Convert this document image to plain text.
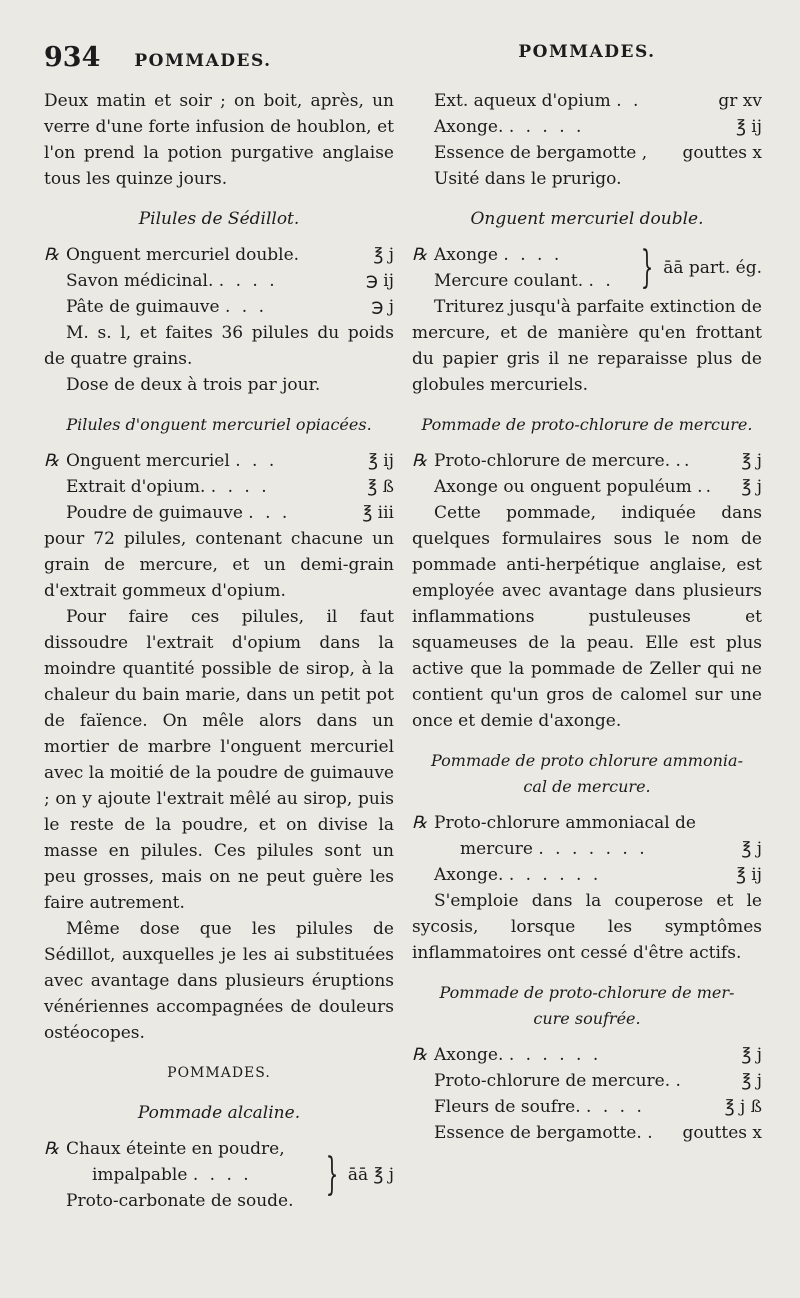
934 POMMADES.

Deux matin et soir ; on boit, après, un verre d'une forte infusion de houblon, et l'on prend la potion purgative anglaise tous les quinze jours.

Pilules de Sédillot.
℞ Onguent mercuriel double.	℥ j
Savon médicinal. . . . .	℈ ij
Pâte de guimauve . . .	℈ j

M. s. l, et faites 36 pilules du poids de quatre grains.

Dose de deux à trois par jour.

Pilules d'onguent mercuriel opiacées.
℞ Onguent mercuriel . . .	℥ ij
Extrait d'opium. . . . .	℥ ß
Poudre de guimauve . . .	℥ iii

pour 72 pilules, contenant chacune un grain de mercure, et un demi-grain d'extrait gommeux d'opium.

Pour faire ces pilules, il faut dissoudre l'extrait d'opium dans la moindre quantité possible de sirop, à la chaleur du bain marie, dans un petit pot de faïence. On mêle alors dans un mortier de marbre l'onguent mercuriel avec la moitié de la poudre de guimauve ; on y ajoute l'extrait mêlé au sirop, puis le reste de la poudre, et on divise la masse en pilules. Ces pilules sont un peu grosses, mais on ne peut guère les faire autrement.

Même dose que les pilules de Sédillot, auxquelles je les ai substituées avec avantage dans plusieurs éruptions vénériennes accompagnées de douleurs ostéocopes.

POMMADES.
Pommade alcaline.
℞ Chaux éteinte en poudre,
impalpable . . . .
Proto-carbonate de soude.
} āā ℥ j
POMMADES.
Ext. aqueux d'opium . .	gr xv
Axonge. . . . . .	℥ ij
Essence de bergamotte ,	gouttes x

Usité dans le prurigo.

Onguent mercuriel double.
℞ Axonge . . . .
Mercure coulant. . . } āā part. ég.

Triturez jusqu'à parfaite extinction de mercure, et de manière qu'en frottant du papier gris il ne reparaisse plus de globules mercuriels.

Pommade de proto-chlorure de mercure.
℞ Proto-chlorure de mercure. ..	℥ j
Axonge ou onguent populéum ..	℥ j

Cette pommade, indiquée dans quelques formulaires sous le nom de pommade anti-herpétique anglaise, est employée avec avantage dans plusieurs inflammations pustuleuses et squameuses de la peau. Elle est plus active que la pommade de Zeller qui ne contient qu'un gros de calomel sur une once et demie d'axonge.

Pommade de proto chlorure ammonia-
cal de mercure.
℞ Proto-chlorure ammoniacal de
mercure . . . . . . .	℥ j
Axonge. . . . . . .	℥ ij

S'emploie dans la couperose et le sycosis, lorsque les symptômes inflammatoires ont cessé d'être actifs.

Pommade de proto-chlorure de mer-
cure soufrée.
℞ Axonge. . . . . . .	℥ j
Proto-chlorure de mercure. .	℥ j
Fleurs de soufre. . . . .	℥ j ß
Essence de bergamotte. .	gouttes x
